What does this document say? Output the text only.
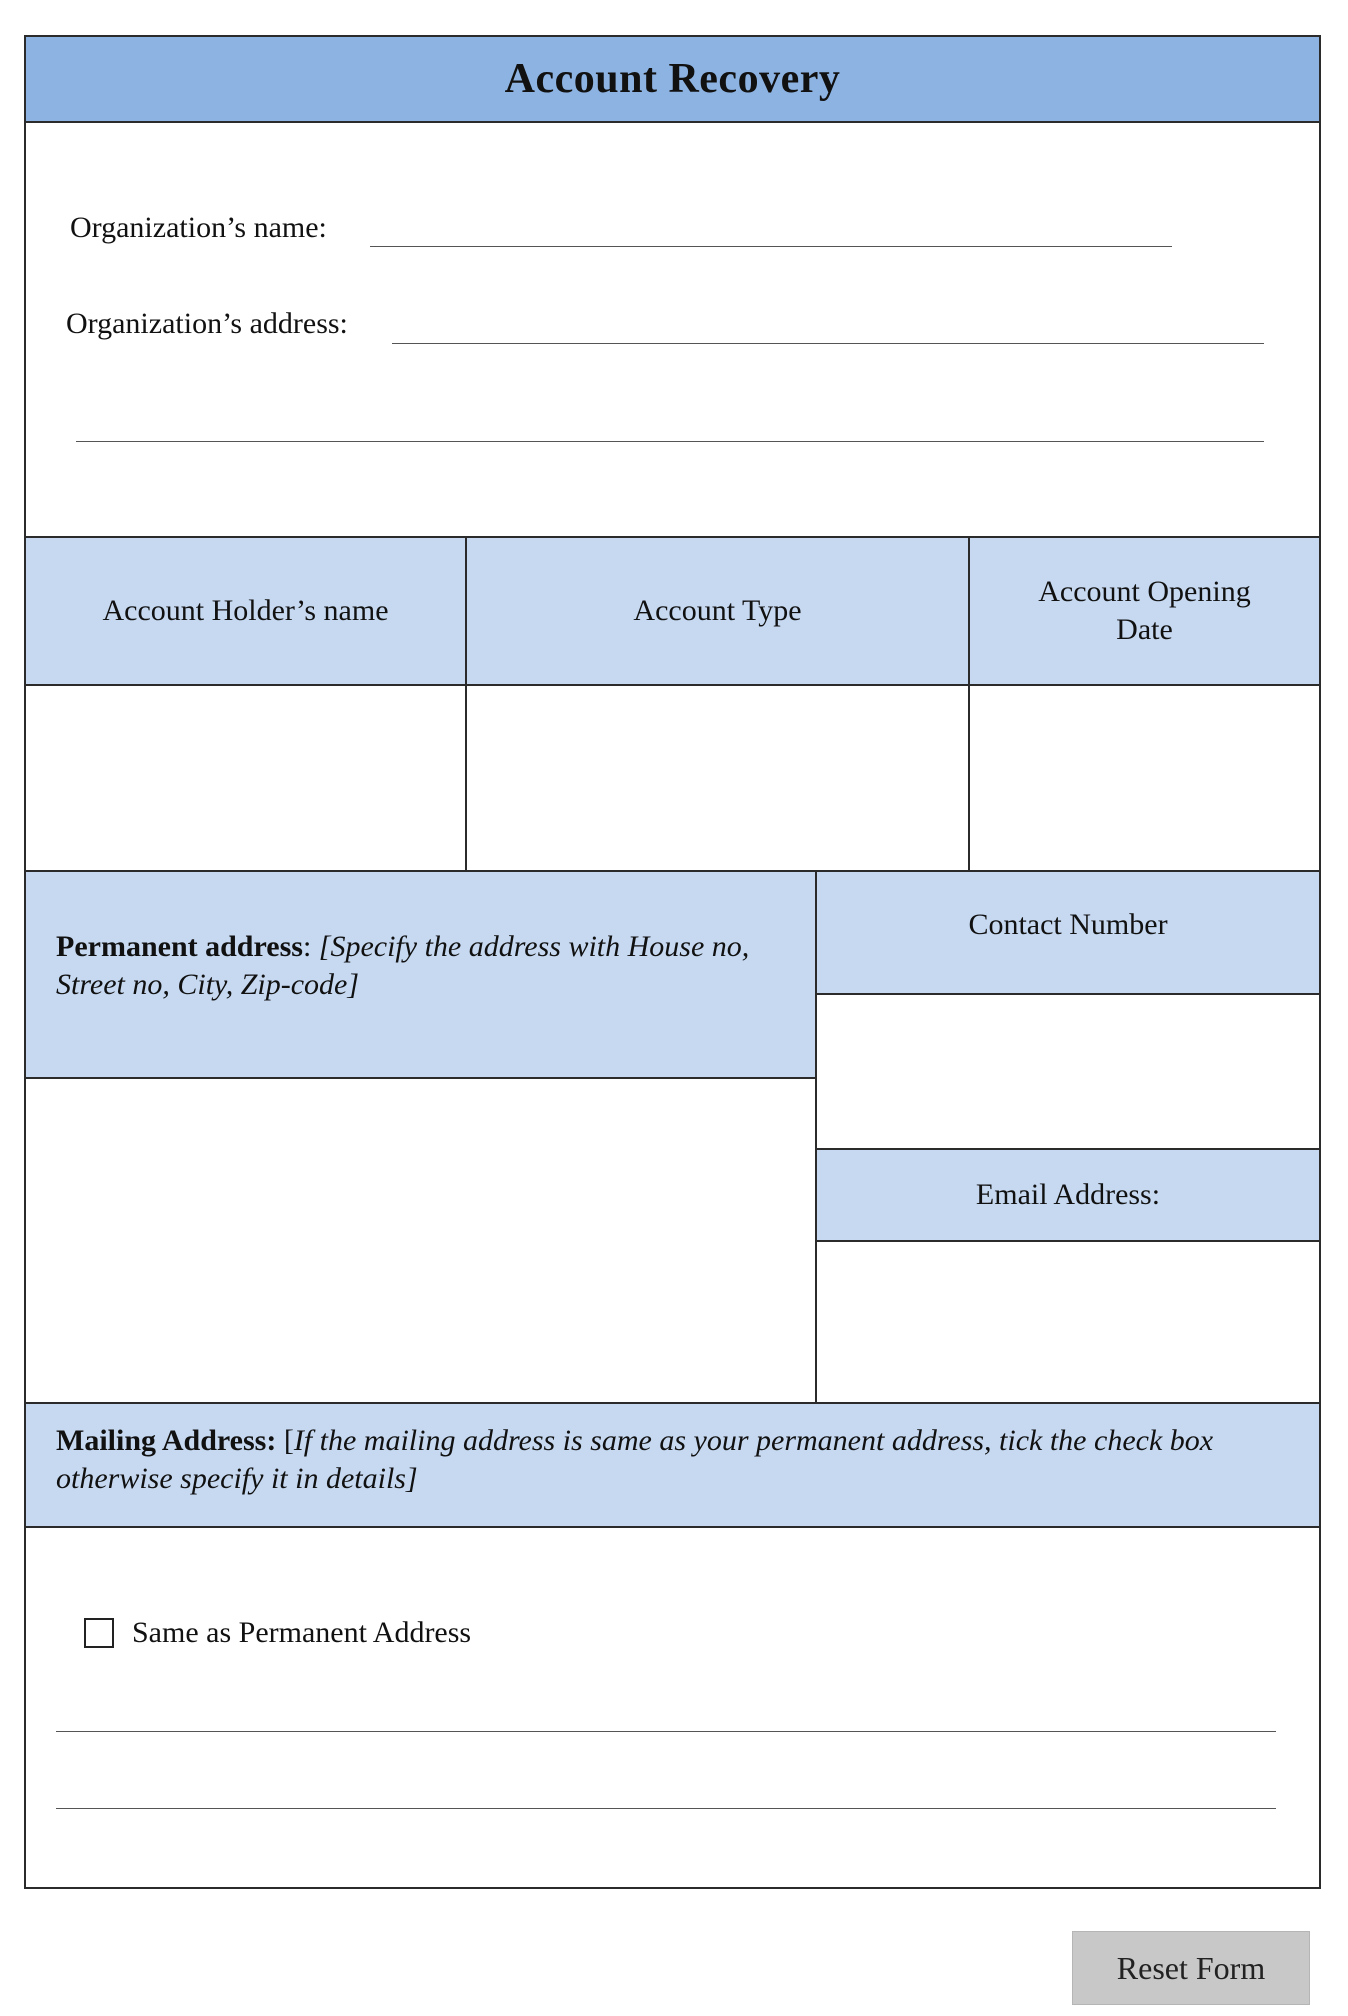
Account Recovery
Organization’s name:
Organization’s address:
Account Holder’s name	Account Type
Account Opening
Date
Permanent address: [Specify the address with House no, Street no, City, Zip-code]
Contact Number
Email Address:
Mailing Address: [If the mailing address is same as your permanent address, tick the check box otherwise specify it in details]
Same as Permanent Address
Reset Form
